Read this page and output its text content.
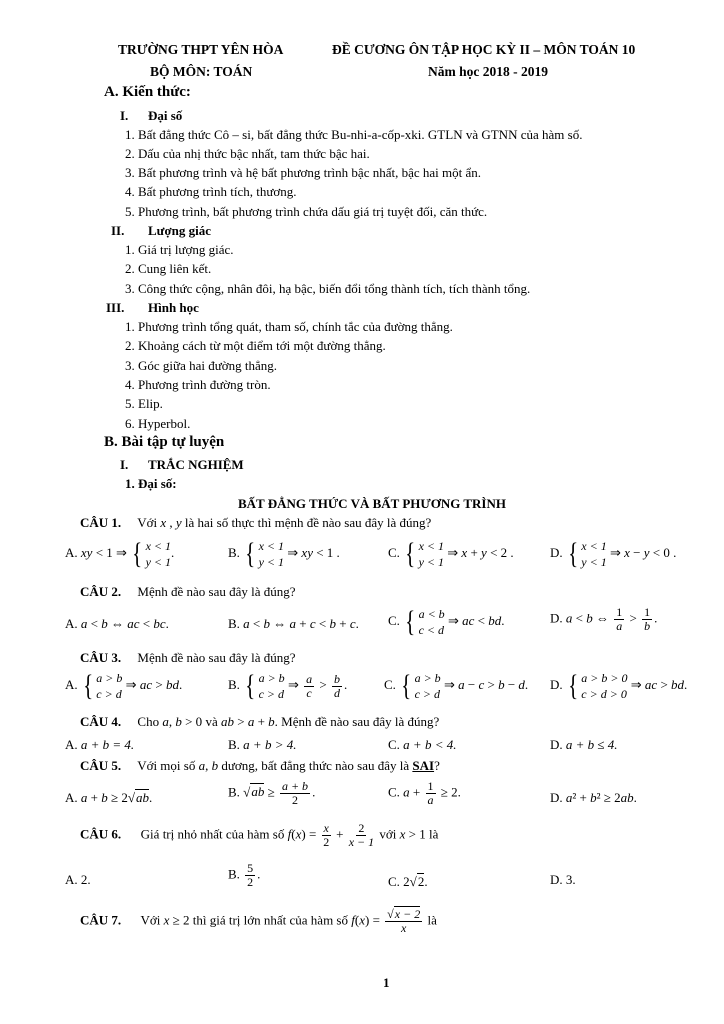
TRƯỜNG THPT YÊN HÒA
BỘ MÔN: TOÁN
ĐỀ CƯƠNG ÔN TẬP HỌC KỲ II – MÔN TOÁN 10
Năm học 2018 - 2019
A. Kiến thức:
I. Đại số
1. Bất đẳng thức Cô – si, bất đẳng thức Bu-nhi-a-cốp-xki. GTLN và GTNN của hàm số.
2. Dấu của nhị thức bậc nhất, tam thức bậc hai.
3. Bất phương trình và hệ bất phương trình bậc nhất, bậc hai một ẩn.
4. Bất phương trình tích, thương.
5. Phương trình, bất phương trình chứa dấu giá trị tuyệt đối, căn thức.
II. Lượng giác
1. Giá trị lượng giác.
2. Cung liên kết.
3. Công thức cộng, nhân đôi, hạ bậc, biến đổi tổng thành tích, tích thành tổng.
III. Hình học
1. Phương trình tổng quát, tham số, chính tắc của đường thẳng.
2. Khoảng cách từ một điểm tới một đường thẳng.
3. Góc giữa hai đường thẳng.
4. Phương trình đường tròn.
5. Elip.
6. Hyperbol.
B. Bài tập tự luyện
I. TRẮC NGHIỆM
1. Đại số:
BẤT ĐẲNG THỨC VÀ BẤT PHƯƠNG TRÌNH
CÂU 1. Với x , y là hai số thực thì mệnh đề nào sau đây là đúng?
A. xy < 1 ⇒ { x < 1
y < 1
.	B. { x < 1
y < 1
⇒ xy < 1 .	C. { x < 1
y < 1
⇒ x + y < 2 .	D. { x < 1
y < 1
⇒ x − y < 0 .
CÂU 2. Mệnh đề nào sau đây là đúng?
A. a < b ⇔ ac < bc.	B. a < b ⇔ a + c < b + c. C. { a < b
c < d
⇒ ac < bd.	D. a < b ⇔ $\frac{1}{a} > \frac{1}{b}$ .
CÂU 3. Mệnh đề nào sau đây là đúng?
A. { a > b
c > d
⇒ ac > bd.	B. { a > b
c > d
⇒ $\frac{a}{c} > \frac{b}{d}$ .	C. { a > b
c > d
⇒ a − c > b − d. D. { a > b > 0
c > d > 0
⇒ ac > bd.
CÂU 4. Cho a, b > 0 và ab > a + b. Mệnh đề nào sau đây là đúng?
A. a + b = 4.	B. a + b > 4.	C. a + b < 4.	D. a + b ≤ 4.
CÂU 5. Với mọi số a, b dương, bất đẳng thức nào sau đây là SAI?
A. a + b ≥ 2√ab.	B. $√ab \ge \frac{a + b}{2}$ .	C. $a + \frac{1}{a} \ge 2$.	D. a² + b² ≥ 2ab.
CÂU 6. Giá trị nhỏ nhất của hàm số $f(x) = \frac{x}{2} + \frac{2}{x - 1}$ với x > 1 là
A. 2.	B. $\frac{5}{2}$ .
C. 2√2.	D. 3.
CÂU 7. Với x ≥ 2 thì giá trị lớn nhất của hàm số $f(x) = \frac{√x - 2}{x}$ là
1
